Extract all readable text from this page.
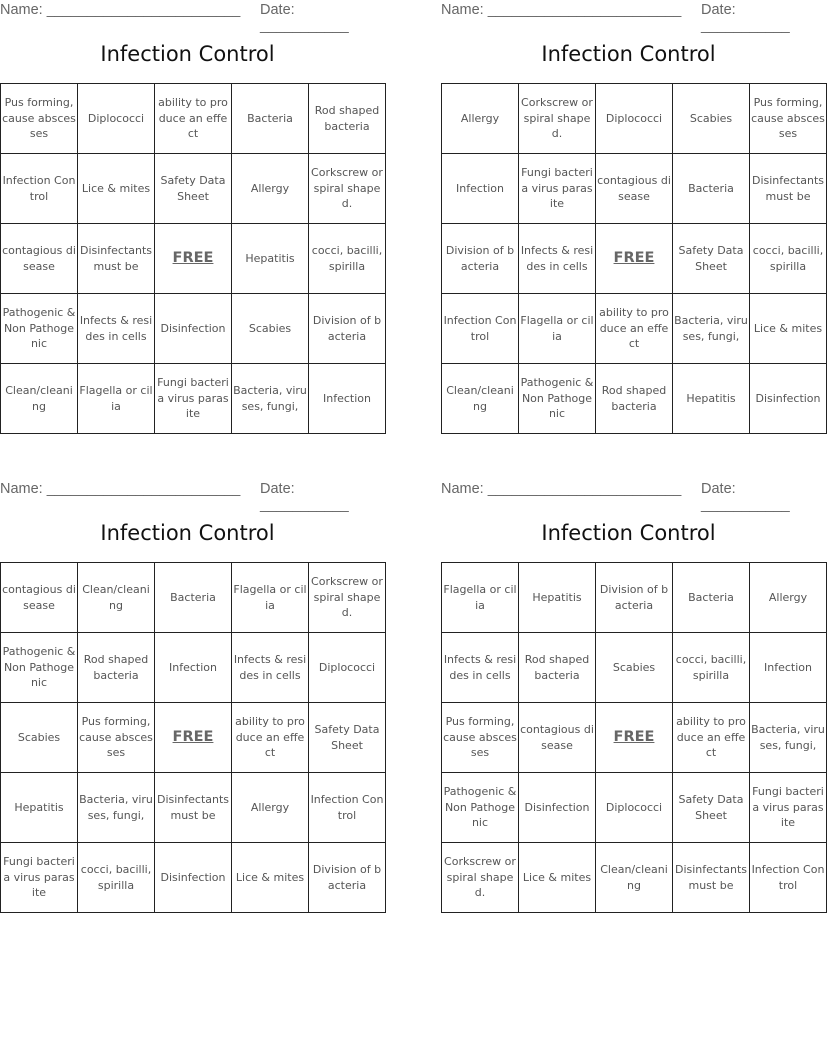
Name: ________________________ Date: ___________
Infection Control
Pus forming, cause abscesses	Diplococci	ability to produce an effect	Bacteria	Rod shaped bacteria
Infection Control	Lice & mites	Safety Data Sheet	Allergy	Corkscrew or spiral shaped.
contagious disease	Disinfectants must be	FREE	Hepatitis	cocci, bacilli, spirilla
Pathogenic & Non Pathogenic	Infects & resides in cells	Disinfection	Scabies	Division of bacteria
Clean/cleaning	Flagella or cilia	Fungi bacteria virus parasite	Bacteria, viruses, fungi,	Infection
Name: ________________________ Date: ___________
Infection Control
Allergy	Corkscrew or spiral shaped.	Diplococci	Scabies	Pus forming, cause abscesses
Infection	Fungi bacteria virus parasite	contagious disease	Bacteria	Disinfectants must be
Division of bacteria	Infects & resides in cells	FREE	Safety Data Sheet	cocci, bacilli, spirilla
Infection Control	Flagella or cilia	ability to produce an effect	Bacteria, viruses, fungi,	Lice & mites
Clean/cleaning	Pathogenic & Non Pathogenic	Rod shaped bacteria	Hepatitis	Disinfection
Name: ________________________ Date: ___________
Infection Control
contagious disease	Clean/cleaning	Bacteria	Flagella or cilia	Corkscrew or spiral shaped.
Pathogenic & Non Pathogenic	Rod shaped bacteria	Infection	Infects & resides in cells	Diplococci
Scabies	Pus forming, cause abscesses	FREE	ability to produce an effect	Safety Data Sheet
Hepatitis	Bacteria, viruses, fungi,	Disinfectants must be	Allergy	Infection Control
Fungi bacteria virus parasite	cocci, bacilli, spirilla	Disinfection	Lice & mites	Division of bacteria
Name: ________________________ Date: ___________
Infection Control
Flagella or cilia	Hepatitis	Division of bacteria	Bacteria	Allergy
Infects & resides in cells	Rod shaped bacteria	Scabies	cocci, bacilli, spirilla	Infection
Pus forming, cause abscesses	contagious disease	FREE	ability to produce an effect	Bacteria, viruses, fungi,
Pathogenic & Non Pathogenic	Disinfection	Diplococci	Safety Data Sheet	Fungi bacteria virus parasite
Corkscrew or spiral shaped.	Lice & mites	Clean/cleaning	Disinfectants must be	Infection Control
